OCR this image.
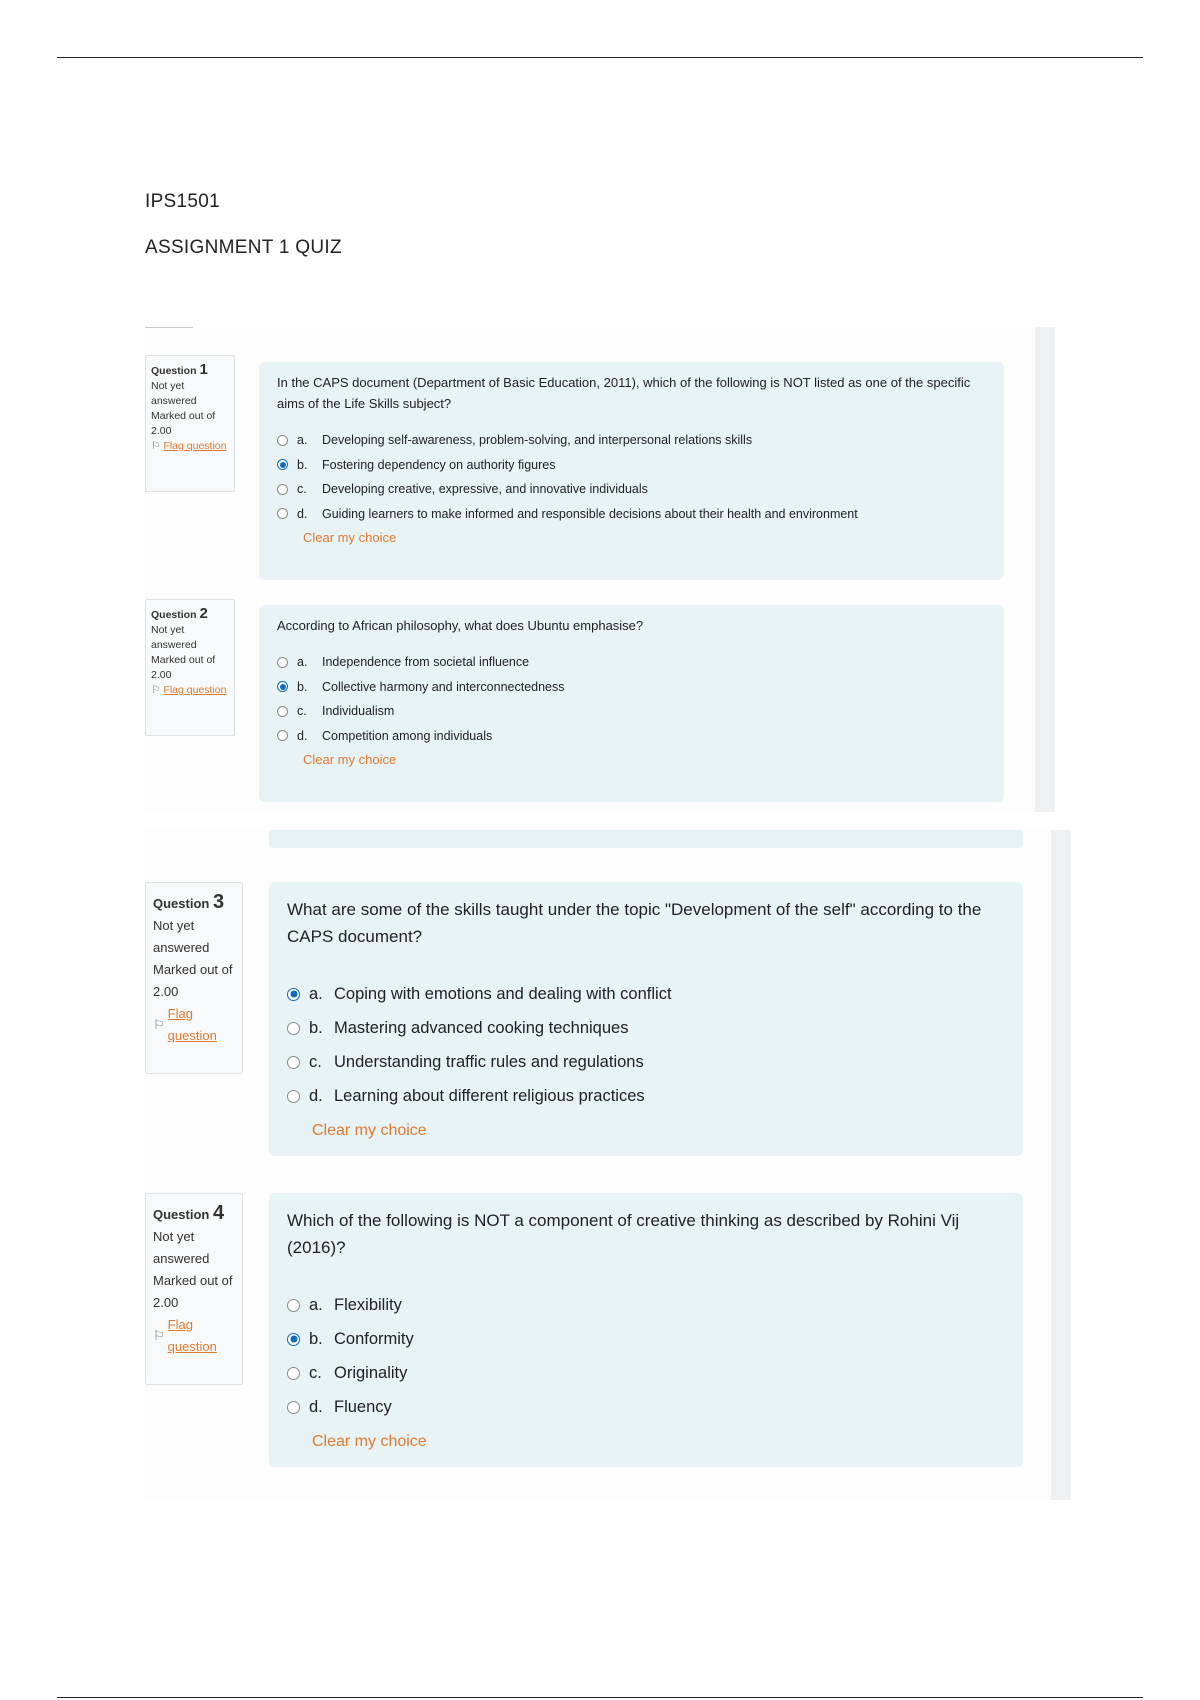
IPS1501
ASSIGNMENT 1 QUIZ
Question 1
Not yet answered
Marked out of 2.00
⚐ Flag question
In the CAPS document (Department of Basic Education, 2011), which of the following is NOT listed as one of the specific aims of the Life Skills subject?
a.	Developing self-awareness, problem-solving, and interpersonal relations skills
b.	Fostering dependency on authority figures
c.	Developing creative, expressive, and innovative individuals
d.	Guiding learners to make informed and responsible decisions about their health and environment
Clear my choice
Question 2
Not yet answered
Marked out of 2.00
⚐ Flag question
According to African philosophy, what does Ubuntu emphasise?
a.	Independence from societal influence
b.	Collective harmony and interconnectedness
c.	Individualism
d.	Competition among individuals
Clear my choice
Question 3
Not yet answered
Marked out of 2.00
⚐
Flag question
What are some of the skills taught under the topic "Development of the self" according to the CAPS document?
a. Coping with emotions and dealing with conflict
b. Mastering advanced cooking techniques
c. Understanding traffic rules and regulations
d. Learning about different religious practices
Clear my choice
Question 4
Not yet answered
Marked out of 2.00
⚐
Flag question
Which of the following is NOT a component of creative thinking as described by Rohini Vij (2016)?
a. Flexibility
b. Conformity
c. Originality
d. Fluency
Clear my choice
